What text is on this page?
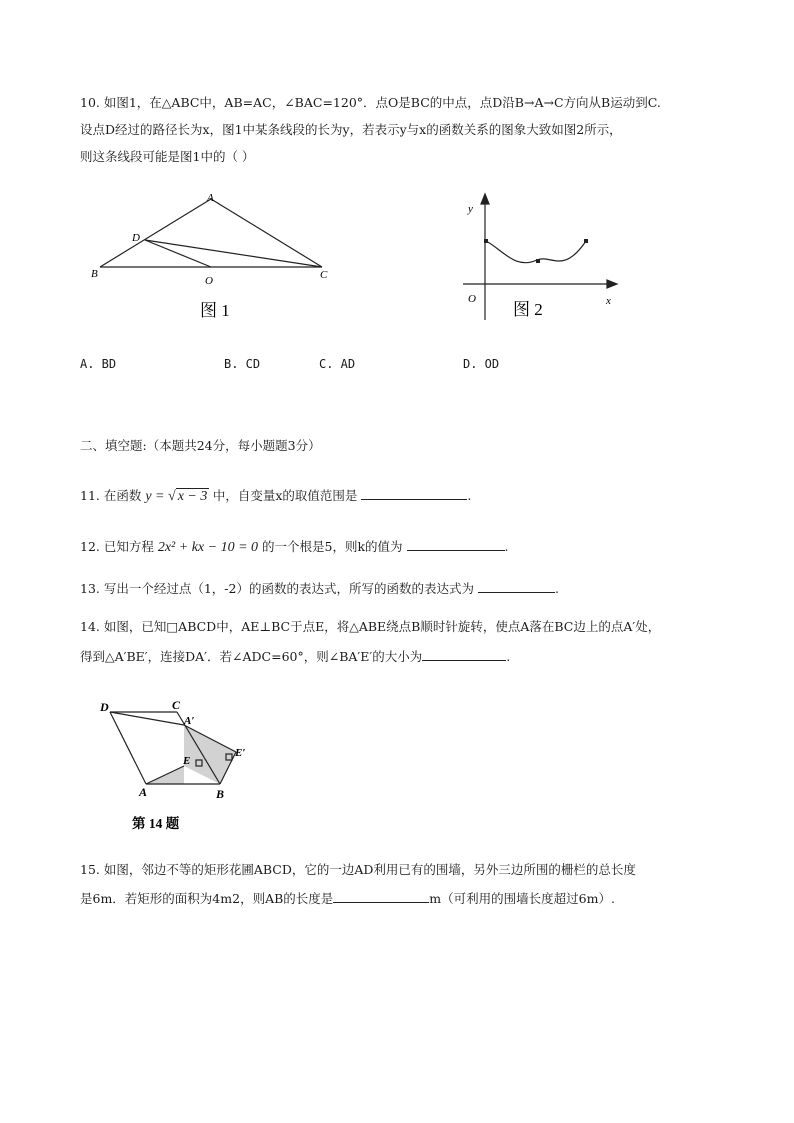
10. 如图1，在△ABC中，AB=AC，∠BAC=120°．点O是BC的中点，点D沿B→A→C方向从B运动到C.
设点D经过的路径长为x，图1中某条线段的长为y，若表示y与x的函数关系的图象大致如图2所示，
则这条线段可能是图1中的（ ）
A
B	C
D
O
图 1
y
x
O
图 2
A. BD	B. CD	C. AD	D. OD
二、填空题:（本题共24分，每小题题3分）
11. 在函数 y = √ x − 3 中，自变量x的取值范围是	.
12. 已知方程 2x² + kx − 10 = 0 的一个根是5，则k的值为	.
13. 写出一个经过点（1，-2）的函数的表达式，所写的函数的表达式为	.
14. 如图，已知□ABCD中，AE⊥BC于点E，将△ABE绕点B顺时针旋转，使点A落在BC边上的点A′处，
得到△A′BE′，连接DA′．若∠ADC=60°，则∠BA′E′的大小为	.
D	C
A′
E
E′
A	B
第 14 题
15. 如图，邻边不等的矩形花圃ABCD，它的一边AD利用已有的围墙，另外三边所围的栅栏的总长度
是6m．若矩形的面积为4m2，则AB的长度是	m（可利用的围墙长度超过6m）.
